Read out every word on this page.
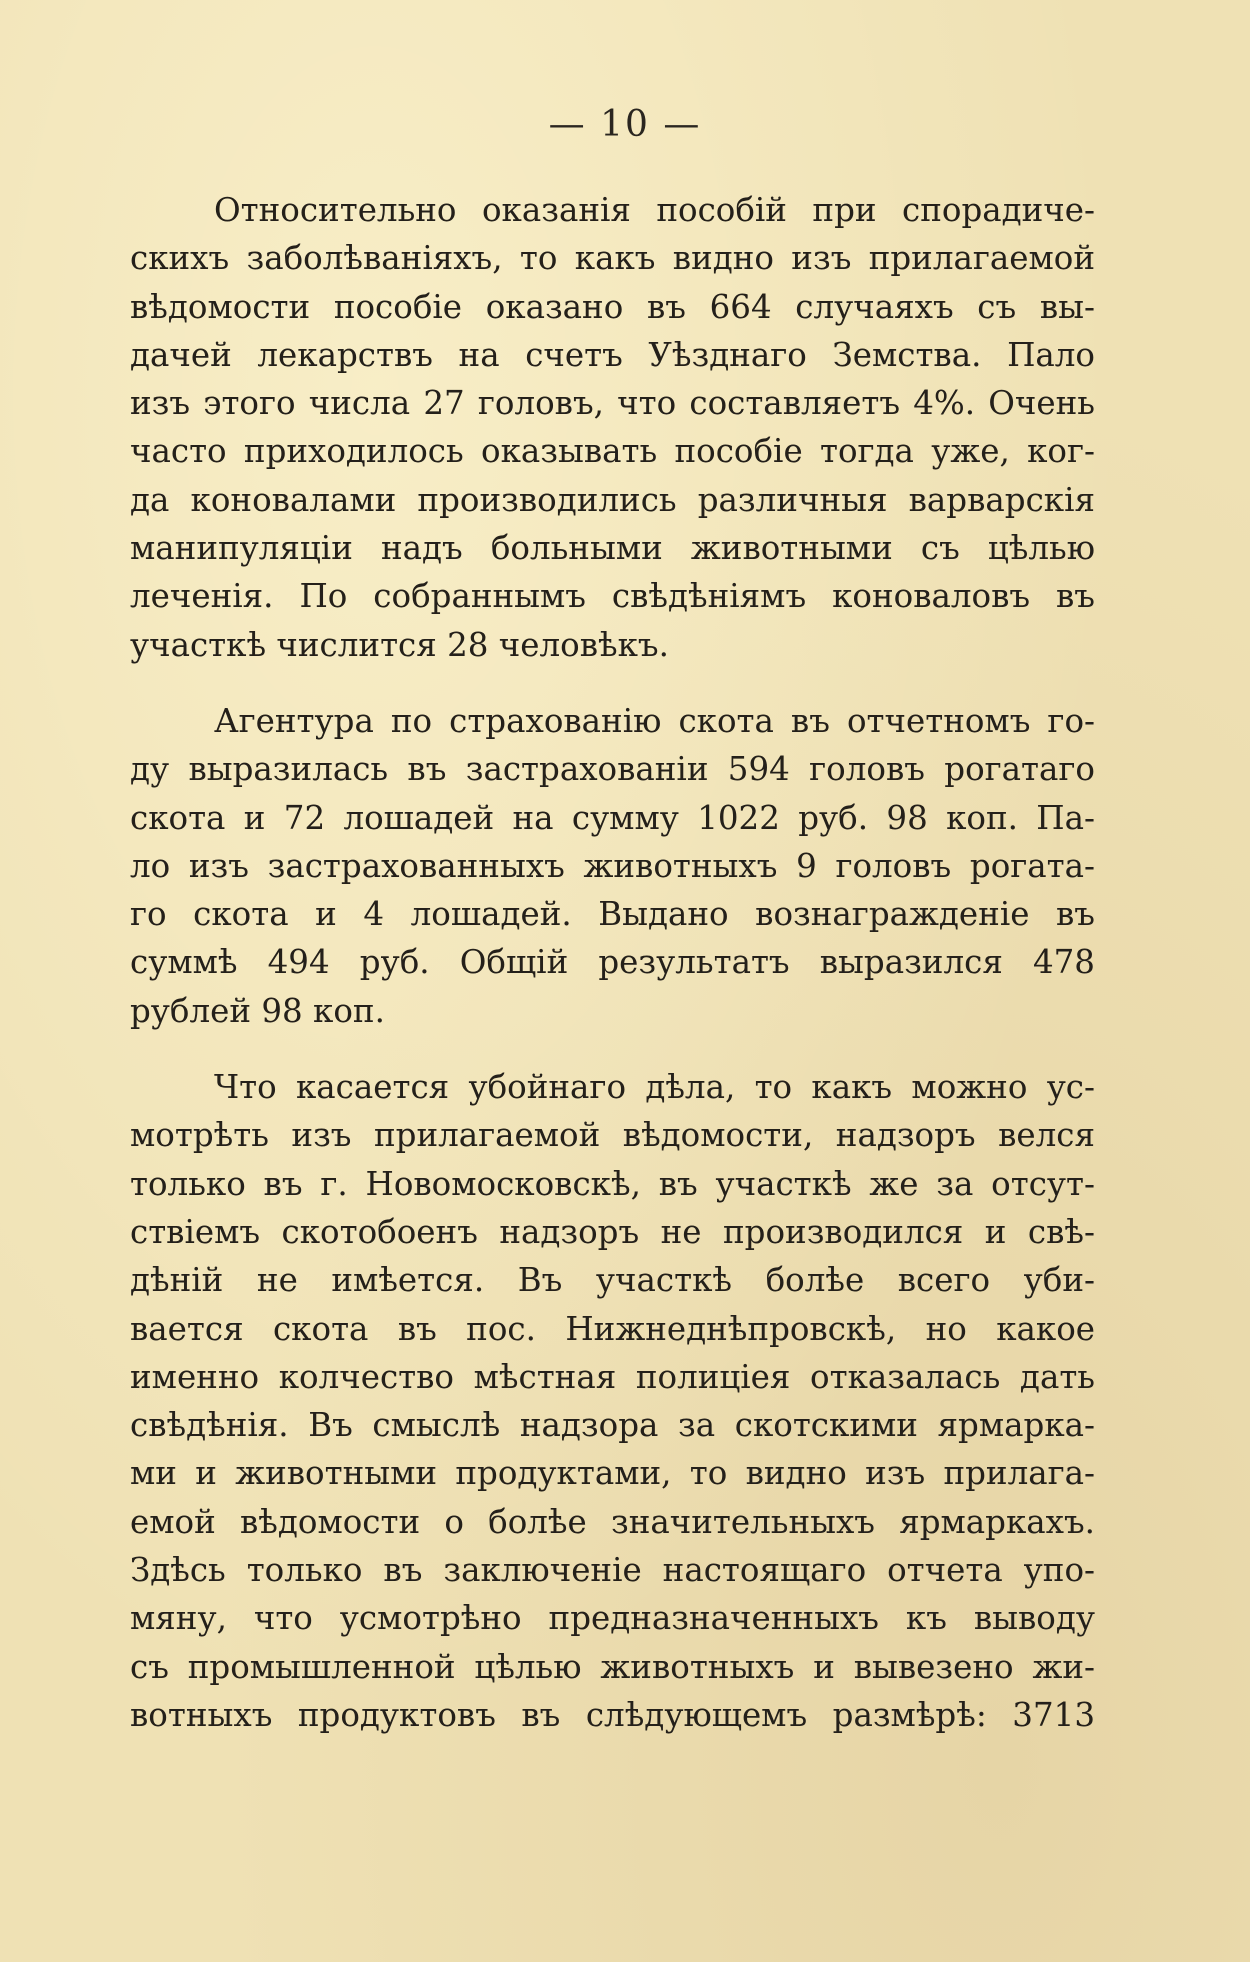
— 10 —
Относительно оказанія пособій при спорадиче-
скихъ заболѣваніяхъ, то какъ видно изъ прилагаемой
вѣдомости пособіе оказано въ 664 случаяхъ съ вы-
дачей лекарствъ на счетъ Уѣзднаго Земства. Пало
изъ этого числа 27 головъ, что составляетъ 4%. Очень
часто приходилось оказывать пособіе тогда уже, ког-
да коновалами производились различныя варварскія
манипуляціи надъ больными животными съ цѣлью
леченія. По собраннымъ свѣдѣніямъ коноваловъ въ
участкѣ числится 28 человѣкъ.
Агентура по страхованію скота въ отчетномъ го-
ду выразилась въ застрахованіи 594 головъ рогатаго
скота и 72 лошадей на сумму 1022 руб. 98 коп. Па-
ло изъ застрахованныхъ животныхъ 9 головъ рогата-
го скота и 4 лошадей. Выдано вознагражденіе въ
суммѣ 494 руб. Общій результатъ выразился 478
рублей 98 коп.
Что касается убойнаго дѣла, то какъ можно ус-
мотрѣть изъ прилагаемой вѣдомости, надзоръ велся
только въ г. Новомосковскѣ, въ участкѣ же за отсут-
ствіемъ скотобоенъ надзоръ не производился и свѣ-
дѣній не имѣется. Въ участкѣ болѣе всего уби-
вается скота въ пос. Нижнеднѣпровскѣ, но какое
именно колчество мѣстная полиціея отказалась дать
свѣдѣнія. Въ смыслѣ надзора за скотскими ярмарка-
ми и животными продуктами, то видно изъ прилага-
емой вѣдомости о болѣе значительныхъ ярмаркахъ.
Здѣсь только въ заключеніе настоящаго отчета упо-
мяну, что усмотрѣно предназначенныхъ къ выводу
съ промышленной цѣлью животныхъ и вывезено жи-
вотныхъ продуктовъ въ слѣдующемъ размѣрѣ: 3713
